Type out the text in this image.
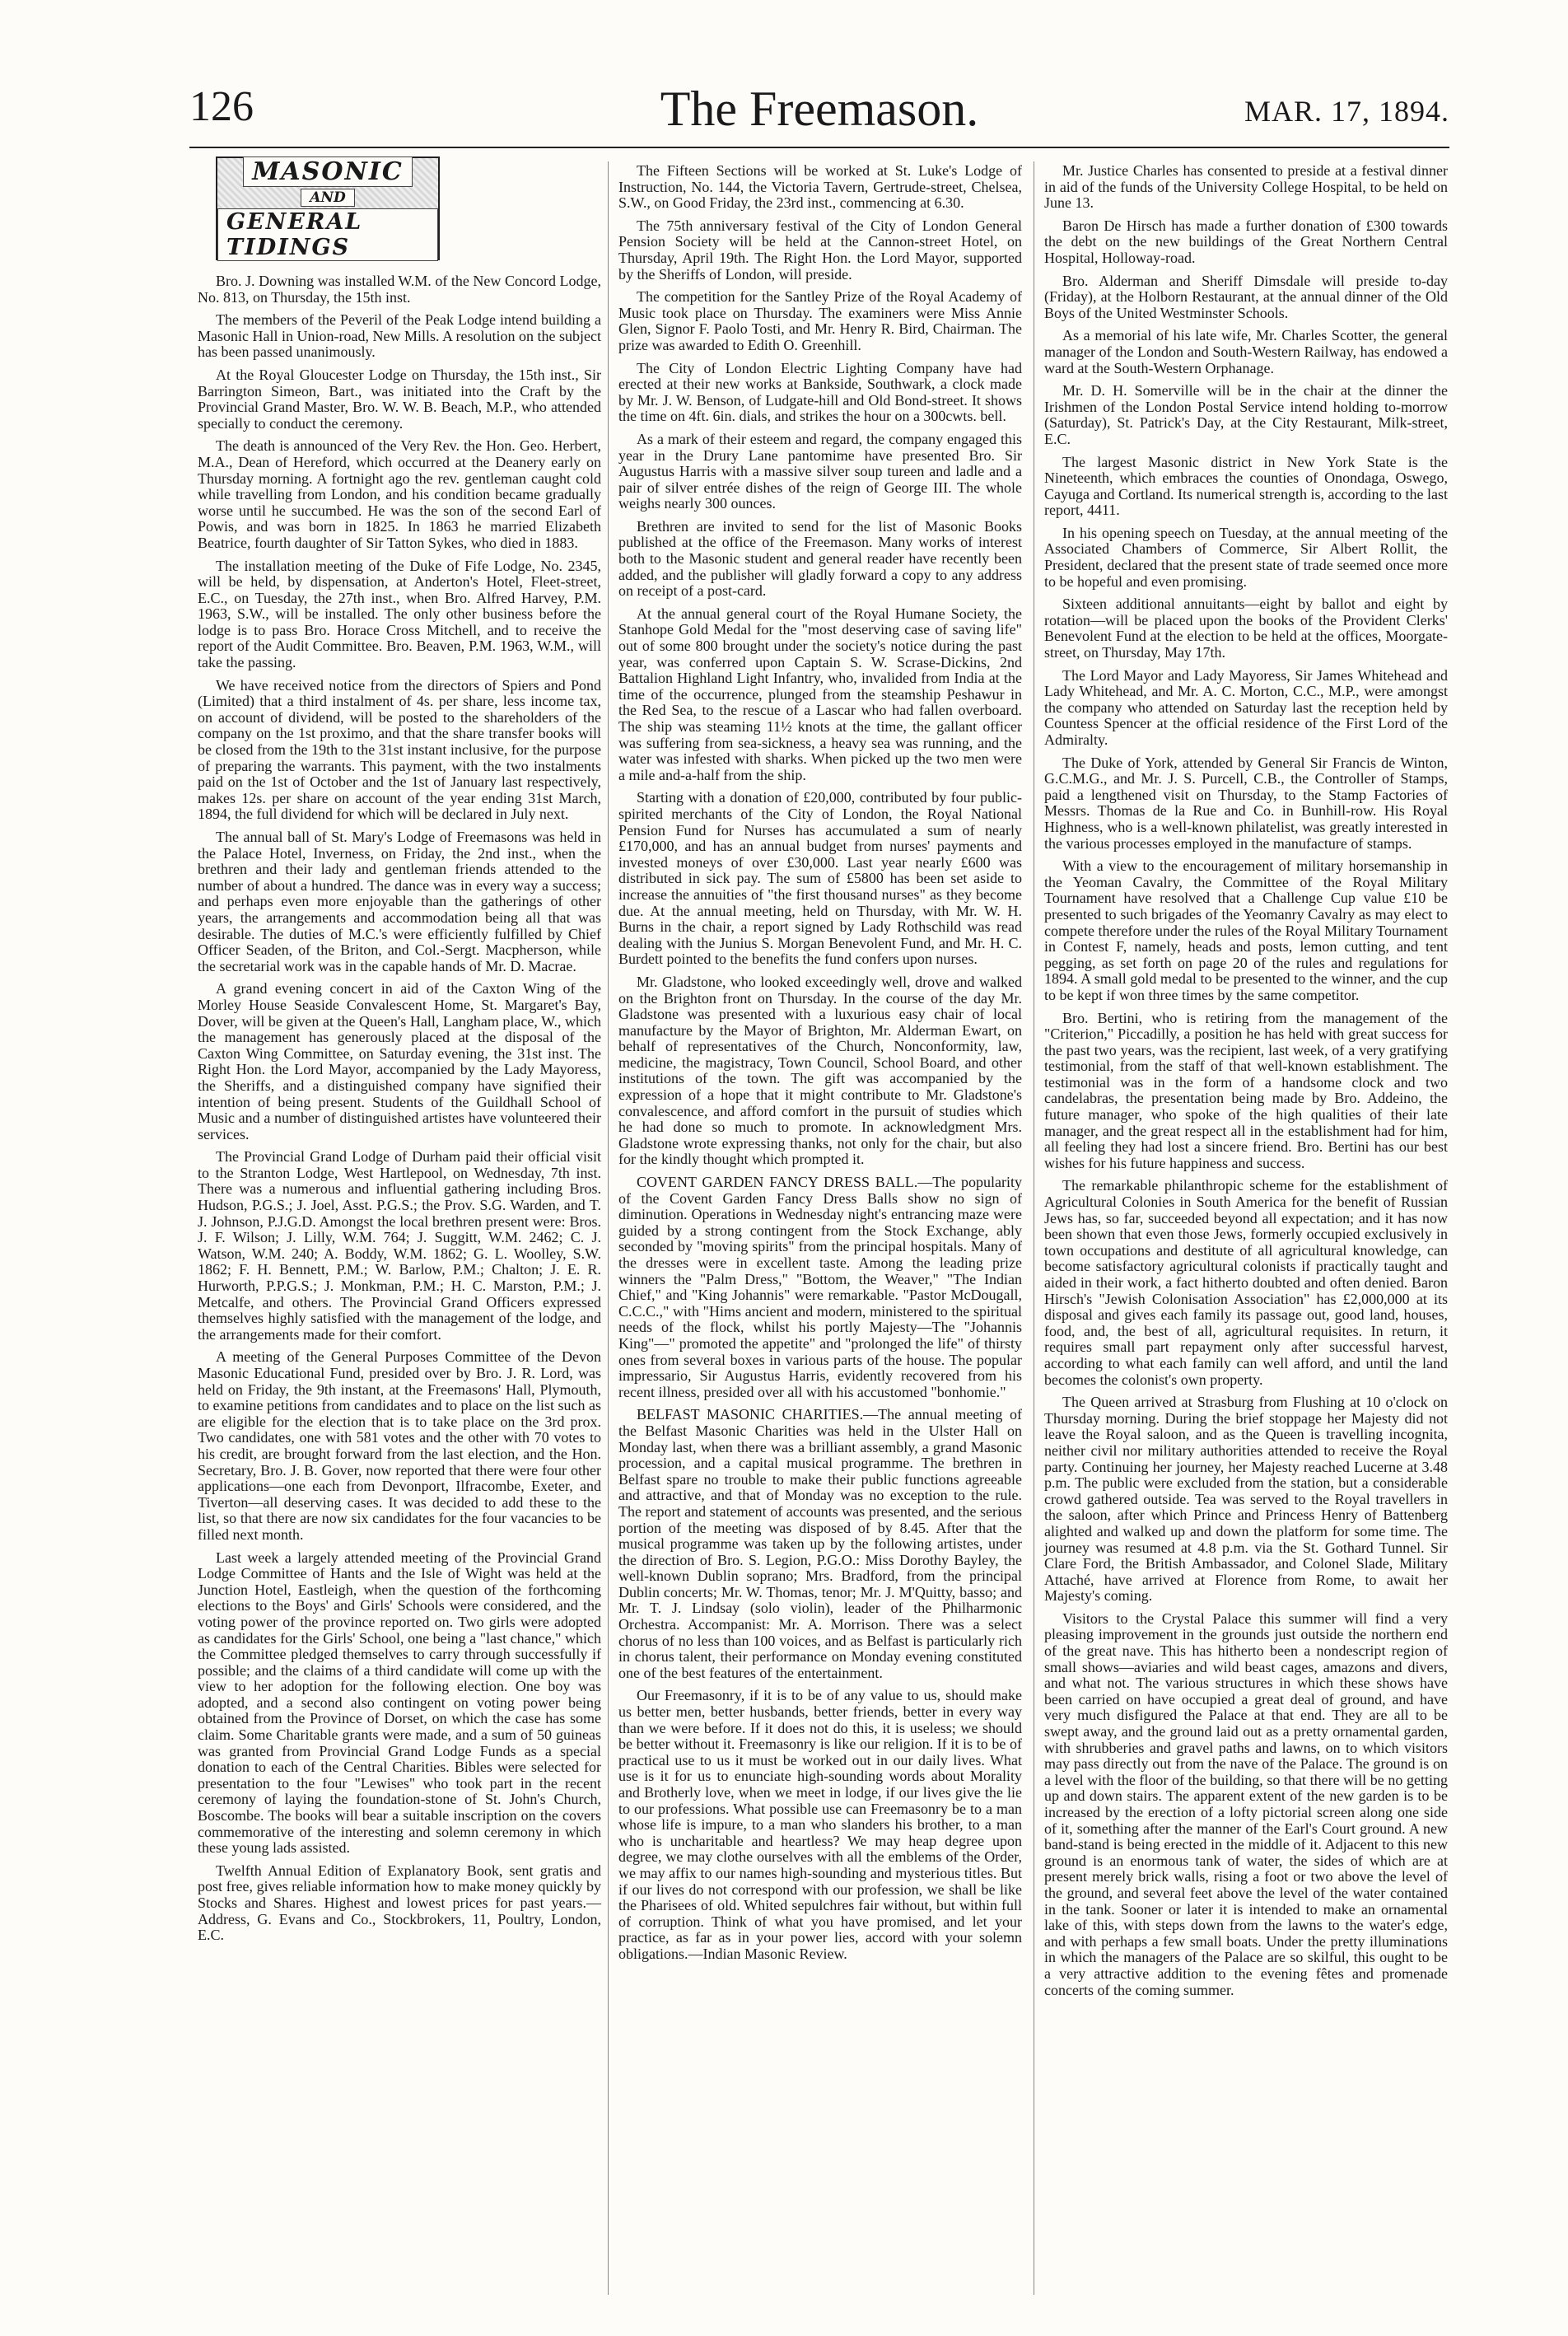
126	The Freemason.	MAR. 17, 1894.
MASONIC
AND
GENERAL TIDINGS

Bro. J. Downing was installed W.M. of the New Concord Lodge, No. 813, on Thursday, the 15th inst.

The members of the Peveril of the Peak Lodge intend building a Masonic Hall in Union-road, New Mills. A resolution on the subject has been passed unanimously.

At the Royal Gloucester Lodge on Thursday, the 15th inst., Sir Barrington Simeon, Bart., was initiated into the Craft by the Provincial Grand Master, Bro. W. W. B. Beach, M.P., who attended specially to conduct the ceremony.

The death is announced of the Very Rev. the Hon. Geo. Herbert, M.A., Dean of Hereford, which occurred at the Deanery early on Thursday morning. A fortnight ago the rev. gentleman caught cold while travelling from London, and his condition became gradually worse until he succumbed. He was the son of the second Earl of Powis, and was born in 1825. In 1863 he married Elizabeth Beatrice, fourth daughter of Sir Tatton Sykes, who died in 1883.

The installation meeting of the Duke of Fife Lodge, No. 2345, will be held, by dispensation, at Anderton's Hotel, Fleet-street, E.C., on Tuesday, the 27th inst., when Bro. Alfred Harvey, P.M. 1963, S.W., will be installed. The only other business before the lodge is to pass Bro. Horace Cross Mitchell, and to receive the report of the Audit Committee. Bro. Beaven, P.M. 1963, W.M., will take the passing.

We have received notice from the directors of Spiers and Pond (Limited) that a third instalment of 4s. per share, less income tax, on account of dividend, will be posted to the shareholders of the company on the 1st proximo, and that the share transfer books will be closed from the 19th to the 31st instant inclusive, for the purpose of preparing the warrants. This payment, with the two instalments paid on the 1st of October and the 1st of January last respectively, makes 12s. per share on account of the year ending 31st March, 1894, the full dividend for which will be declared in July next.

The annual ball of St. Mary's Lodge of Freemasons was held in the Palace Hotel, Inverness, on Friday, the 2nd inst., when the brethren and their lady and gentleman friends attended to the number of about a hundred. The dance was in every way a success; and perhaps even more enjoyable than the gatherings of other years, the arrangements and accommodation being all that was desirable. The duties of M.C.'s were efficiently fulfilled by Chief Officer Seaden, of the Briton, and Col.-Sergt. Macpherson, while the secretarial work was in the capable hands of Mr. D. Macrae.

A grand evening concert in aid of the Caxton Wing of the Morley House Seaside Convalescent Home, St. Margaret's Bay, Dover, will be given at the Queen's Hall, Langham place, W., which the management has generously placed at the disposal of the Caxton Wing Committee, on Saturday evening, the 31st inst. The Right Hon. the Lord Mayor, accompanied by the Lady Mayoress, the Sheriffs, and a distinguished company have signified their intention of being present. Students of the Guildhall School of Music and a number of distinguished artistes have volunteered their services.

The Provincial Grand Lodge of Durham paid their official visit to the Stranton Lodge, West Hartlepool, on Wednesday, 7th inst. There was a numerous and influential gathering including Bros. Hudson, P.G.S.; J. Joel, Asst. P.G.S.; the Prov. S.G. Warden, and T. J. Johnson, P.J.G.D. Amongst the local brethren present were: Bros. J. F. Wilson; J. Lilly, W.M. 764; J. Suggitt, W.M. 2462; C. J. Watson, W.M. 240; A. Boddy, W.M. 1862; G. L. Woolley, S.W. 1862; F. H. Bennett, P.M.; W. Barlow, P.M.; Chalton; J. E. R. Hurworth, P.P.G.S.; J. Monkman, P.M.; H. C. Marston, P.M.; J. Metcalfe, and others. The Provincial Grand Officers expressed themselves highly satisfied with the management of the lodge, and the arrangements made for their comfort.

A meeting of the General Purposes Committee of the Devon Masonic Educational Fund, presided over by Bro. J. R. Lord, was held on Friday, the 9th instant, at the Freemasons' Hall, Plymouth, to examine petitions from candidates and to place on the list such as are eligible for the election that is to take place on the 3rd prox. Two candidates, one with 581 votes and the other with 70 votes to his credit, are brought forward from the last election, and the Hon. Secretary, Bro. J. B. Gover, now reported that there were four other applications—one each from Devonport, Ilfracombe, Exeter, and Tiverton—all deserving cases. It was decided to add these to the list, so that there are now six candidates for the four vacancies to be filled next month.

Last week a largely attended meeting of the Provincial Grand Lodge Committee of Hants and the Isle of Wight was held at the Junction Hotel, Eastleigh, when the question of the forthcoming elections to the Boys' and Girls' Schools were considered, and the voting power of the province reported on. Two girls were adopted as candidates for the Girls' School, one being a "last chance," which the Committee pledged themselves to carry through successfully if possible; and the claims of a third candidate will come up with the view to her adoption for the following election. One boy was adopted, and a second also contingent on voting power being obtained from the Province of Dorset, on which the case has some claim. Some Charitable grants were made, and a sum of 50 guineas was granted from Provincial Grand Lodge Funds as a special donation to each of the Central Charities. Bibles were selected for presentation to the four "Lewises" who took part in the recent ceremony of laying the foundation-stone of St. John's Church, Boscombe. The books will bear a suitable inscription on the covers commemorative of the interesting and solemn ceremony in which these young lads assisted.

Twelfth Annual Edition of Explanatory Book, sent gratis and post free, gives reliable information how to make money quickly by Stocks and Shares. Highest and lowest prices for past years.—Address, G. Evans and Co., Stockbrokers, 11, Poultry, London, E.C.

The Fifteen Sections will be worked at St. Luke's Lodge of Instruction, No. 144, the Victoria Tavern, Gertrude-street, Chelsea, S.W., on Good Friday, the 23rd inst., commencing at 6.30.

The 75th anniversary festival of the City of London General Pension Society will be held at the Cannon-street Hotel, on Thursday, April 19th. The Right Hon. the Lord Mayor, supported by the Sheriffs of London, will preside.

The competition for the Santley Prize of the Royal Academy of Music took place on Thursday. The examiners were Miss Annie Glen, Signor F. Paolo Tosti, and Mr. Henry R. Bird, Chairman. The prize was awarded to Edith O. Greenhill.

The City of London Electric Lighting Company have had erected at their new works at Bankside, Southwark, a clock made by Mr. J. W. Benson, of Ludgate-hill and Old Bond-street. It shows the time on 4ft. 6in. dials, and strikes the hour on a 300cwts. bell.

As a mark of their esteem and regard, the company engaged this year in the Drury Lane pantomime have presented Bro. Sir Augustus Harris with a massive silver soup tureen and ladle and a pair of silver entrée dishes of the reign of George III. The whole weighs nearly 300 ounces.

Brethren are invited to send for the list of Masonic Books published at the office of the Freemason. Many works of interest both to the Masonic student and general reader have recently been added, and the publisher will gladly forward a copy to any address on receipt of a post-card.

At the annual general court of the Royal Humane Society, the Stanhope Gold Medal for the "most deserving case of saving life" out of some 800 brought under the society's notice during the past year, was conferred upon Captain S. W. Scrase-Dickins, 2nd Battalion Highland Light Infantry, who, invalided from India at the time of the occurrence, plunged from the steamship Peshawur in the Red Sea, to the rescue of a Lascar who had fallen overboard. The ship was steaming 11½ knots at the time, the gallant officer was suffering from sea-sickness, a heavy sea was running, and the water was infested with sharks. When picked up the two men were a mile and-a-half from the ship.

Starting with a donation of £20,000, contributed by four public-spirited merchants of the City of London, the Royal National Pension Fund for Nurses has accumulated a sum of nearly £170,000, and has an annual budget from nurses' payments and invested moneys of over £30,000. Last year nearly £600 was distributed in sick pay. The sum of £5800 has been set aside to increase the annuities of "the first thousand nurses" as they become due. At the annual meeting, held on Thursday, with Mr. W. H. Burns in the chair, a report signed by Lady Rothschild was read dealing with the Junius S. Morgan Benevolent Fund, and Mr. H. C. Burdett pointed to the benefits the fund confers upon nurses.

Mr. Gladstone, who looked exceedingly well, drove and walked on the Brighton front on Thursday. In the course of the day Mr. Gladstone was presented with a luxurious easy chair of local manufacture by the Mayor of Brighton, Mr. Alderman Ewart, on behalf of representatives of the Church, Nonconformity, law, medicine, the magistracy, Town Council, School Board, and other institutions of the town. The gift was accompanied by the expression of a hope that it might contribute to Mr. Gladstone's convalescence, and afford comfort in the pursuit of studies which he had done so much to promote. In acknowledgment Mrs. Gladstone wrote expressing thanks, not only for the chair, but also for the kindly thought which prompted it.

COVENT GARDEN FANCY DRESS BALL.—The popularity of the Covent Garden Fancy Dress Balls show no sign of diminution. Operations in Wednesday night's entrancing maze were guided by a strong contingent from the Stock Exchange, ably seconded by "moving spirits" from the principal hospitals. Many of the dresses were in excellent taste. Among the leading prize winners the "Palm Dress," "Bottom, the Weaver," "The Indian Chief," and "King Johannis" were remarkable. "Pastor McDougall, C.C.C.," with "Hims ancient and modern, ministered to the spiritual needs of the flock, whilst his portly Majesty—The "Johannis King"—" promoted the appetite" and "prolonged the life" of thirsty ones from several boxes in various parts of the house. The popular impressario, Sir Augustus Harris, evidently recovered from his recent illness, presided over all with his accustomed "bonhomie."

BELFAST MASONIC CHARITIES.—The annual meeting of the Belfast Masonic Charities was held in the Ulster Hall on Monday last, when there was a brilliant assembly, a grand Masonic procession, and a capital musical programme. The brethren in Belfast spare no trouble to make their public functions agreeable and attractive, and that of Monday was no exception to the rule. The report and statement of accounts was presented, and the serious portion of the meeting was disposed of by 8.45. After that the musical programme was taken up by the following artistes, under the direction of Bro. S. Legion, P.G.O.: Miss Dorothy Bayley, the well-known Dublin soprano; Mrs. Bradford, from the principal Dublin concerts; Mr. W. Thomas, tenor; Mr. J. M'Quitty, basso; and Mr. T. J. Lindsay (solo violin), leader of the Philharmonic Orchestra. Accompanist: Mr. A. Morrison. There was a select chorus of no less than 100 voices, and as Belfast is particularly rich in chorus talent, their performance on Monday evening constituted one of the best features of the entertainment.

Our Freemasonry, if it is to be of any value to us, should make us better men, better husbands, better friends, better in every way than we were before. If it does not do this, it is useless; we should be better without it. Freemasonry is like our religion. If it is to be of practical use to us it must be worked out in our daily lives. What use is it for us to enunciate high-sounding words about Morality and Brotherly love, when we meet in lodge, if our lives give the lie to our professions. What possible use can Freemasonry be to a man whose life is impure, to a man who slanders his brother, to a man who is uncharitable and heartless? We may heap degree upon degree, we may clothe ourselves with all the emblems of the Order, we may affix to our names high-sounding and mysterious titles. But if our lives do not correspond with our profession, we shall be like the Pharisees of old. Whited sepulchres fair without, but within full of corruption. Think of what you have promised, and let your practice, as far as in your power lies, accord with your solemn obligations.—Indian Masonic Review.

Mr. Justice Charles has consented to preside at a festival dinner in aid of the funds of the University College Hospital, to be held on June 13.

Baron De Hirsch has made a further donation of £300 towards the debt on the new buildings of the Great Northern Central Hospital, Holloway-road.

Bro. Alderman and Sheriff Dimsdale will preside to-day (Friday), at the Holborn Restaurant, at the annual dinner of the Old Boys of the United Westminster Schools.

As a memorial of his late wife, Mr. Charles Scotter, the general manager of the London and South-Western Railway, has endowed a ward at the South-Western Orphanage.

Mr. D. H. Somerville will be in the chair at the dinner the Irishmen of the London Postal Service intend holding to-morrow (Saturday), St. Patrick's Day, at the City Restaurant, Milk-street, E.C.

The largest Masonic district in New York State is the Nineteenth, which embraces the counties of Onondaga, Oswego, Cayuga and Cortland. Its numerical strength is, according to the last report, 4411.

In his opening speech on Tuesday, at the annual meeting of the Associated Chambers of Commerce, Sir Albert Rollit, the President, declared that the present state of trade seemed once more to be hopeful and even promising.

Sixteen additional annuitants—eight by ballot and eight by rotation—will be placed upon the books of the Provident Clerks' Benevolent Fund at the election to be held at the offices, Moorgate-street, on Thursday, May 17th.

The Lord Mayor and Lady Mayoress, Sir James Whitehead and Lady Whitehead, and Mr. A. C. Morton, C.C., M.P., were amongst the company who attended on Saturday last the reception held by Countess Spencer at the official residence of the First Lord of the Admiralty.

The Duke of York, attended by General Sir Francis de Winton, G.C.M.G., and Mr. J. S. Purcell, C.B., the Controller of Stamps, paid a lengthened visit on Thursday, to the Stamp Factories of Messrs. Thomas de la Rue and Co. in Bunhill-row. His Royal Highness, who is a well-known philatelist, was greatly interested in the various processes employed in the manufacture of stamps.

With a view to the encouragement of military horsemanship in the Yeoman Cavalry, the Committee of the Royal Military Tournament have resolved that a Challenge Cup value £10 be presented to such brigades of the Yeomanry Cavalry as may elect to compete therefore under the rules of the Royal Military Tournament in Contest F, namely, heads and posts, lemon cutting, and tent pegging, as set forth on page 20 of the rules and regulations for 1894. A small gold medal to be presented to the winner, and the cup to be kept if won three times by the same competitor.

Bro. Bertini, who is retiring from the management of the "Criterion," Piccadilly, a position he has held with great success for the past two years, was the recipient, last week, of a very gratifying testimonial, from the staff of that well-known establishment. The testimonial was in the form of a handsome clock and two candelabras, the presentation being made by Bro. Addeino, the future manager, who spoke of the high qualities of their late manager, and the great respect all in the establishment had for him, all feeling they had lost a sincere friend. Bro. Bertini has our best wishes for his future happiness and success.

The remarkable philanthropic scheme for the establishment of Agricultural Colonies in South America for the benefit of Russian Jews has, so far, succeeded beyond all expectation; and it has now been shown that even those Jews, formerly occupied exclusively in town occupations and destitute of all agricultural knowledge, can become satisfactory agricultural colonists if practically taught and aided in their work, a fact hitherto doubted and often denied. Baron Hirsch's "Jewish Colonisation Association" has £2,000,000 at its disposal and gives each family its passage out, good land, houses, food, and, the best of all, agricultural requisites. In return, it requires small part repayment only after successful harvest, according to what each family can well afford, and until the land becomes the colonist's own property.

The Queen arrived at Strasburg from Flushing at 10 o'clock on Thursday morning. During the brief stoppage her Majesty did not leave the Royal saloon, and as the Queen is travelling incognita, neither civil nor military authorities attended to receive the Royal party. Continuing her journey, her Majesty reached Lucerne at 3.48 p.m. The public were excluded from the station, but a considerable crowd gathered outside. Tea was served to the Royal travellers in the saloon, after which Prince and Princess Henry of Battenberg alighted and walked up and down the platform for some time. The journey was resumed at 4.8 p.m. via the St. Gothard Tunnel. Sir Clare Ford, the British Ambassador, and Colonel Slade, Military Attaché, have arrived at Florence from Rome, to await her Majesty's coming.

Visitors to the Crystal Palace this summer will find a very pleasing improvement in the grounds just outside the northern end of the great nave. This has hitherto been a nondescript region of small shows—aviaries and wild beast cages, amazons and divers, and what not. The various structures in which these shows have been carried on have occupied a great deal of ground, and have very much disfigured the Palace at that end. They are all to be swept away, and the ground laid out as a pretty ornamental garden, with shrubberies and gravel paths and lawns, on to which visitors may pass directly out from the nave of the Palace. The ground is on a level with the floor of the building, so that there will be no getting up and down stairs. The apparent extent of the new garden is to be increased by the erection of a lofty pictorial screen along one side of it, something after the manner of the Earl's Court ground. A new band-stand is being erected in the middle of it. Adjacent to this new ground is an enormous tank of water, the sides of which are at present merely brick walls, rising a foot or two above the level of the ground, and several feet above the level of the water contained in the tank. Sooner or later it is intended to make an ornamental lake of this, with steps down from the lawns to the water's edge, and with perhaps a few small boats. Under the pretty illuminations in which the managers of the Palace are so skilful, this ought to be a very attractive addition to the evening fêtes and promenade concerts of the coming summer.
